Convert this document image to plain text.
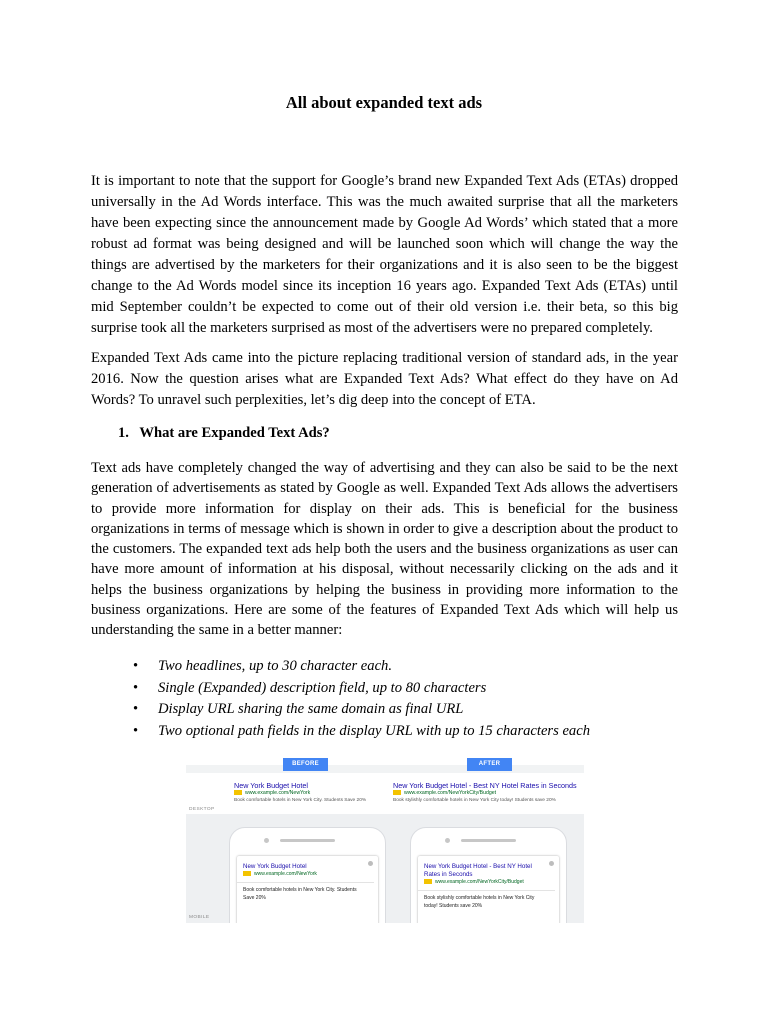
All about expanded text ads

It is important to note that the support for Google’s brand new Expanded Text Ads (ETAs) dropped universally in the Ad Words interface. This was the much awaited surprise that all the marketers have been expecting since the announcement made by Google Ad Words’ which stated that a more robust ad format was being designed and will be launched soon which will change the way the things are advertised by the marketers for their organizations and it is also seen to be the biggest change to the Ad Words model since its inception 16 years ago. Expanded Text Ads (ETAs) until mid September couldn’t be expected to come out of their old version i.e. their beta, so this big surprise took all the marketers surprised as most of the advertisers were no prepared completely.

Expanded Text Ads came into the picture replacing traditional version of standard ads, in the year 2016. Now the question arises what are Expanded Text Ads? What effect do they have on Ad Words? To unravel such perplexities, let’s dig deep into the concept of ETA.

1. What are Expanded Text Ads?

Text ads have completely changed the way of advertising and they can also be said to be the next generation of advertisements as stated by Google as well. Expanded Text Ads allows the advertisers to provide more information for display on their ads. This is beneficial for the business organizations in terms of message which is shown in order to give a description about the product to the customers. The expanded text ads help both the users and the business organizations as user can have more amount of information at his disposal, without necessarily clicking on the ads and it helps the business organizations by helping the business in providing more information to the business organizations. Here are some of the features of Expanded Text Ads which will help us understanding the same in a better manner:

• Two headlines, up to 30 character each.
• Single (Expanded) description field, up to 80 characters
• Display URL sharing the same domain as final URL
• Two optional path fields in the display URL with up to 15 characters each
BEFORE	AFTER
New York Budget Hotel
www.example.com/NewYork
Book comfortable hotels in New York City. Students Save 20%
New York Budget Hotel - Best NY Hotel Rates in Seconds
www.example.com/NewYorkCity/Budget
Book stylishly comfortable hotels in New York City today! Students save 20%
DESKTOP
New York Budget Hotel
www.example.com/NewYork
Book comfortable hotels in New York City. Students Save 20%
New York Budget Hotel - Best NY Hotel Rates in Seconds
www.example.com/NewYorkCity/Budget
Book stylishly comfortable hotels in New York City today! Students save 20%
MOBILE
